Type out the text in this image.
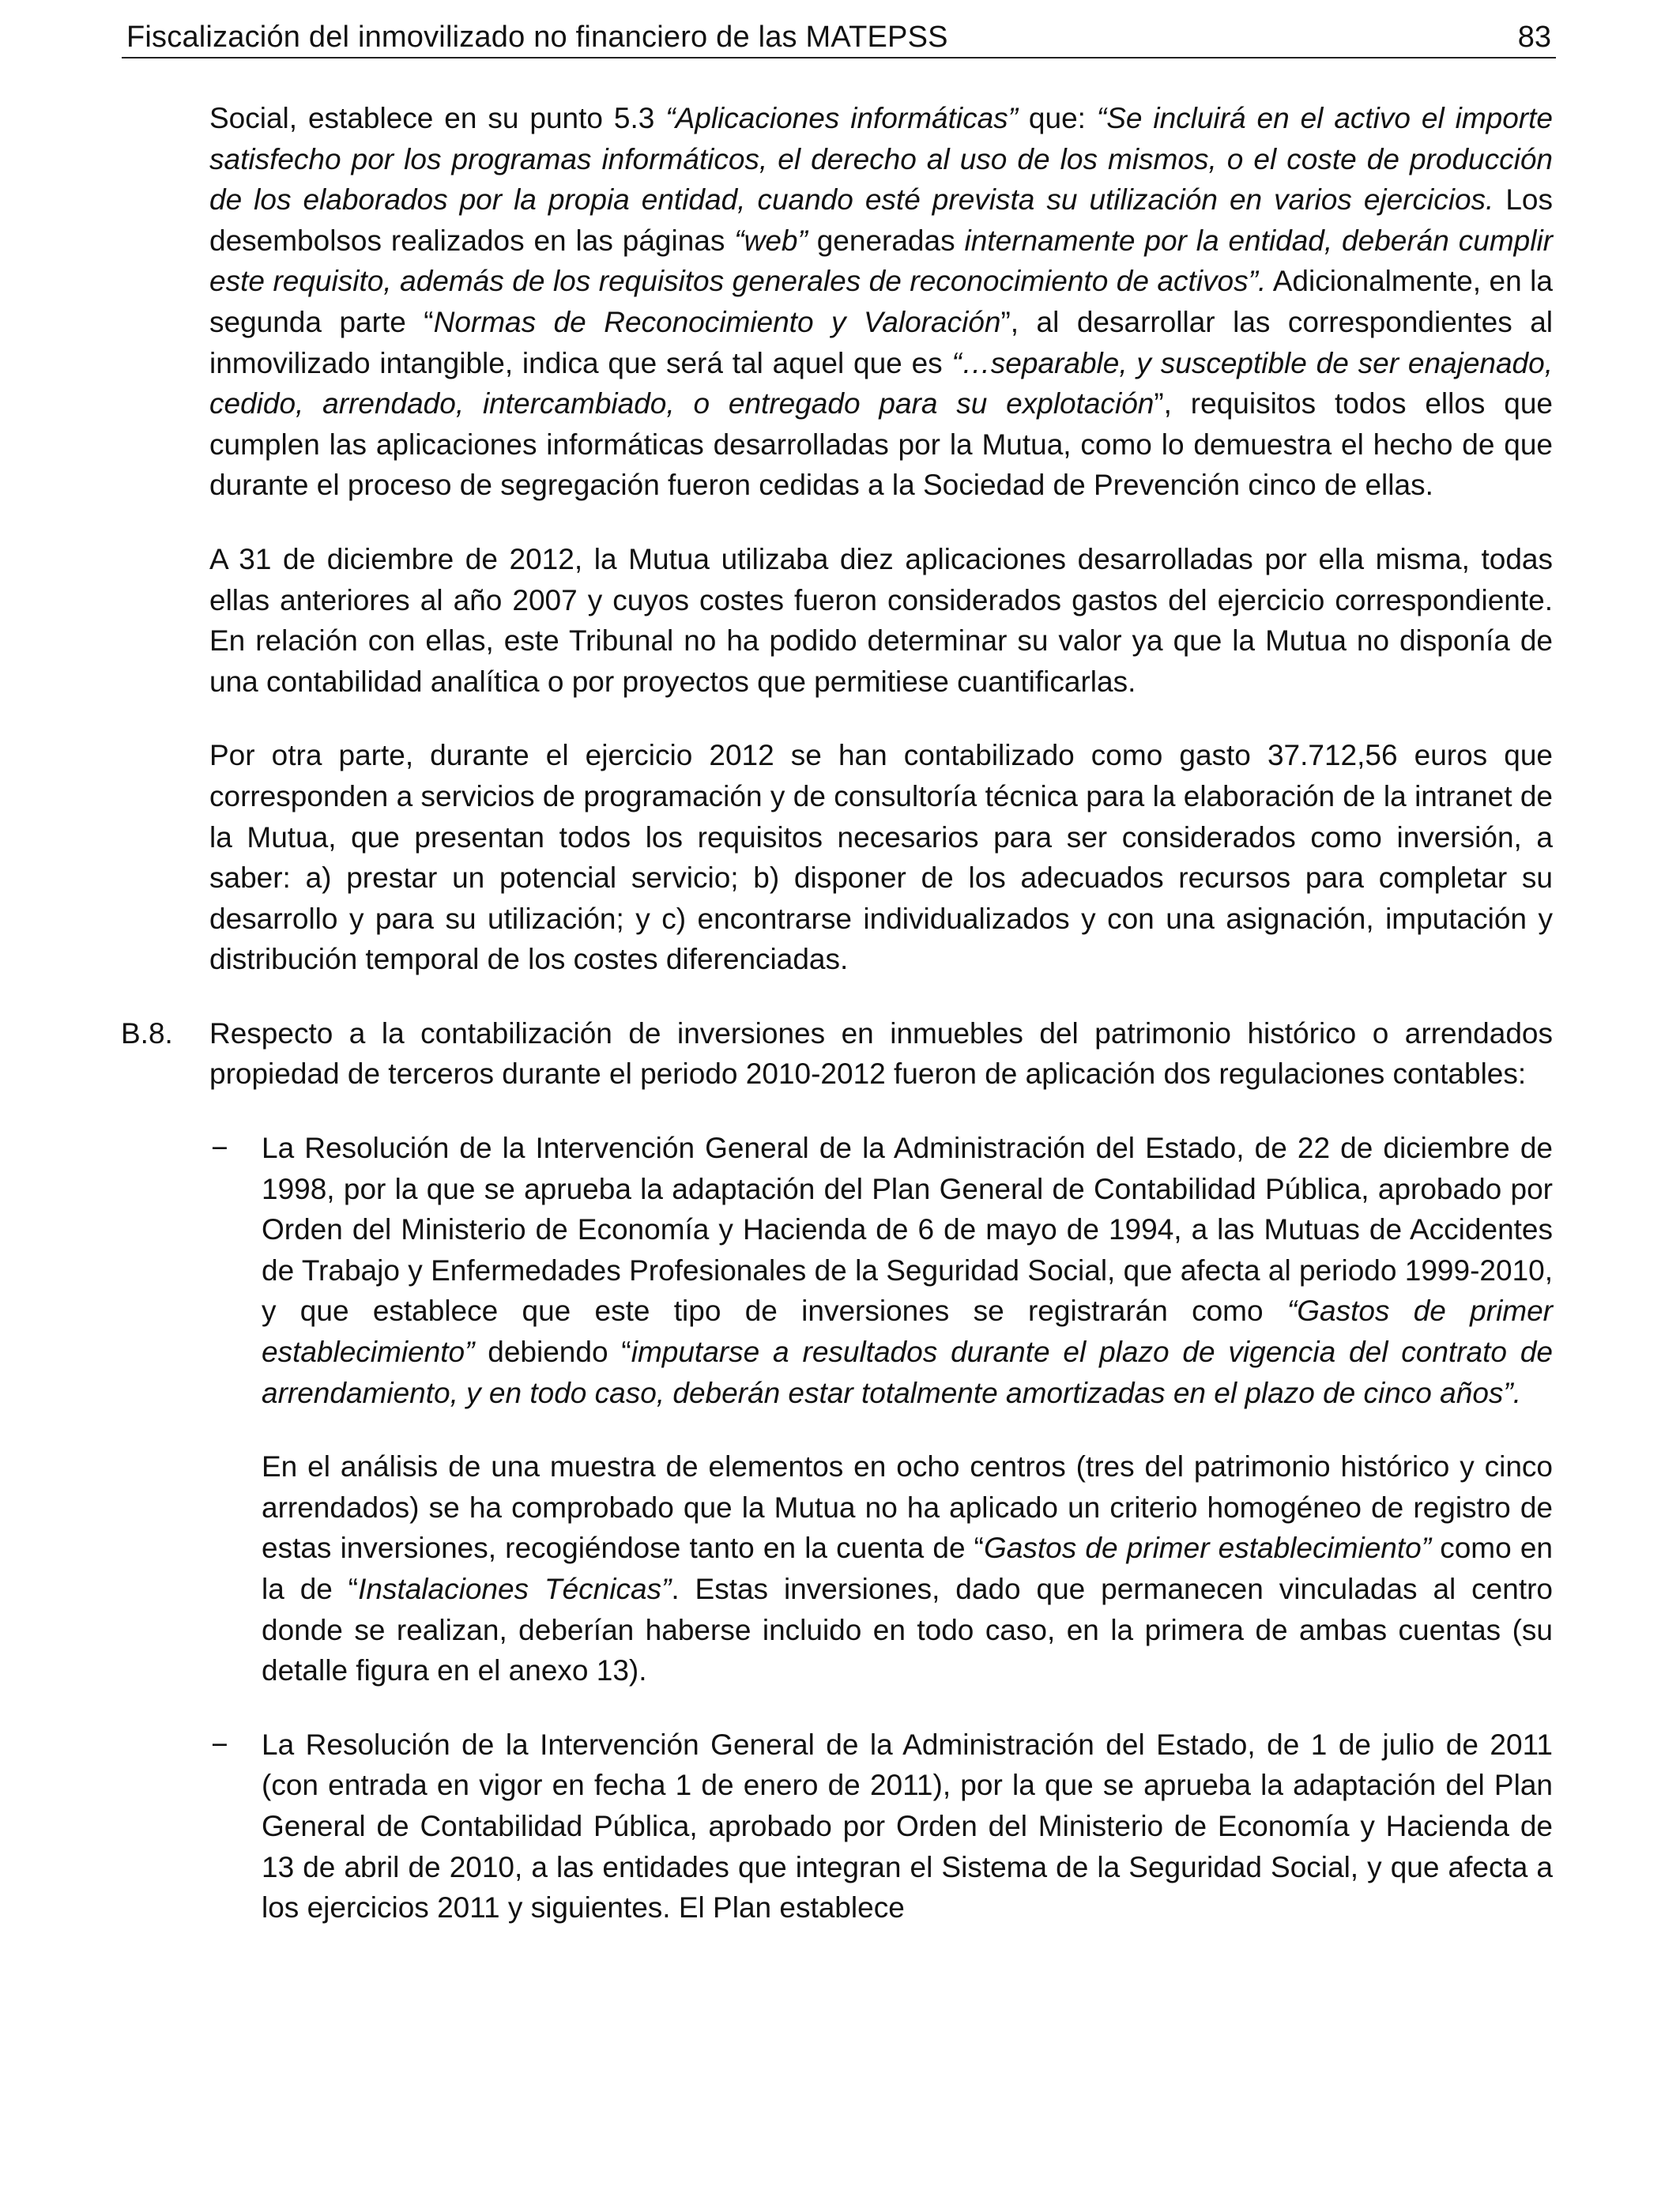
Fiscalización del inmovilizado no financiero de las MATEPSS	83

Social, establece en su punto 5.3 “Aplicaciones informáticas” que: “Se incluirá en el activo el importe satisfecho por los programas informáticos, el derecho al uso de los mismos, o el coste de producción de los elaborados por la propia entidad, cuando esté prevista su utilización en varios ejercicios. Los desembolsos realizados en las páginas “web” generadas internamente por la entidad, deberán cumplir este requisito, además de los requisitos generales de reconocimiento de activos”. Adicionalmente, en la segunda parte “Normas de Reconocimiento y Valoración”, al desarrollar las correspondientes al inmovilizado intangible, indica que será tal aquel que es “…separable, y susceptible de ser enajenado, cedido, arrendado, intercambiado, o entregado para su explotación”, requisitos todos ellos que cumplen las aplicaciones informáticas desarrolladas por la Mutua, como lo demuestra el hecho de que durante el proceso de segregación fueron cedidas a la Sociedad de Prevención cinco de ellas.

A 31 de diciembre de 2012, la Mutua utilizaba diez aplicaciones desarrolladas por ella misma, todas ellas anteriores al año 2007 y cuyos costes fueron considerados gastos del ejercicio correspondiente. En relación con ellas, este Tribunal no ha podido determinar su valor ya que la Mutua no disponía de una contabilidad analítica o por proyectos que permitiese cuantificarlas.

Por otra parte, durante el ejercicio 2012 se han contabilizado como gasto 37.712,56 euros que corresponden a servicios de programación y de consultoría técnica para la elaboración de la intranet de la Mutua, que presentan todos los requisitos necesarios para ser considerados como inversión, a saber: a) prestar un potencial servicio; b) disponer de los adecuados recursos para completar su desarrollo y para su utilización; y c) encontrarse individualizados y con una asignación, imputación y distribución temporal de los costes diferenciadas.

B.8. Respecto a la contabilización de inversiones en inmuebles del patrimonio histórico o arrendados propiedad de terceros durante el periodo 2010-2012 fueron de aplicación dos regulaciones contables:

− La Resolución de la Intervención General de la Administración del Estado, de 22 de diciembre de 1998, por la que se aprueba la adaptación del Plan General de Contabilidad Pública, aprobado por Orden del Ministerio de Economía y Hacienda de 6 de mayo de 1994, a las Mutuas de Accidentes de Trabajo y Enfermedades Profesionales de la Seguridad Social, que afecta al periodo 1999-2010, y que establece que este tipo de inversiones se registrarán como “Gastos de primer establecimiento” debiendo “imputarse a resultados durante el plazo de vigencia del contrato de arrendamiento, y en todo caso, deberán estar totalmente amortizadas en el plazo de cinco años”.

En el análisis de una muestra de elementos en ocho centros (tres del patrimonio histórico y cinco arrendados) se ha comprobado que la Mutua no ha aplicado un criterio homogéneo de registro de estas inversiones, recogiéndose tanto en la cuenta de “Gastos de primer establecimiento” como en la de “Instalaciones Técnicas”. Estas inversiones, dado que permanecen vinculadas al centro donde se realizan, deberían haberse incluido en todo caso, en la primera de ambas cuentas (su detalle figura en el anexo 13).

− La Resolución de la Intervención General de la Administración del Estado, de 1 de julio de 2011 (con entrada en vigor en fecha 1 de enero de 2011), por la que se aprueba la adaptación del Plan General de Contabilidad Pública, aprobado por Orden del Ministerio de Economía y Hacienda de 13 de abril de 2010, a las entidades que integran el Sistema de la Seguridad Social, y que afecta a los ejercicios 2011 y siguientes. El Plan establece
